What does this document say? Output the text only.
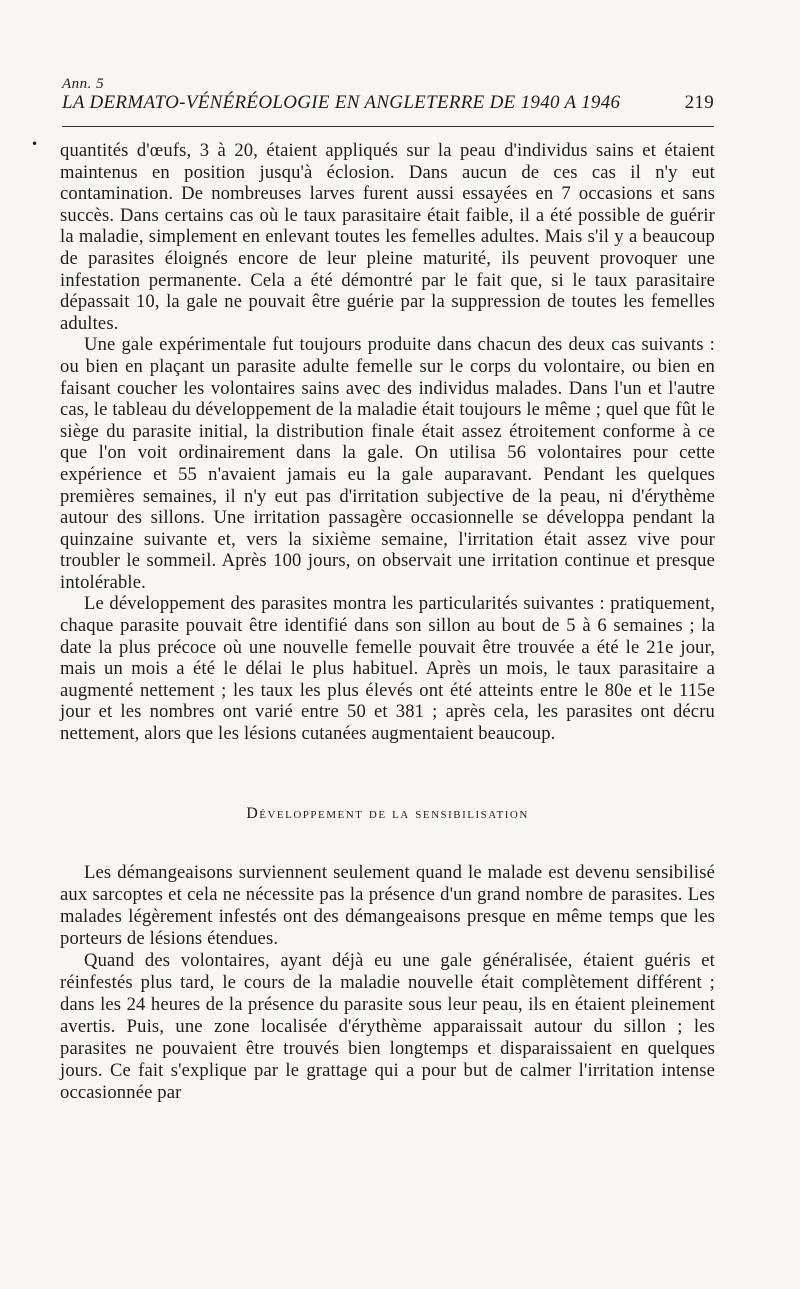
Ann. 5
LA DERMATO-VÉNÉRÉOLOGIE EN ANGLETERRE DE 1940 A 1946	219
• quantités d'œufs, 3 à 20, étaient appliqués sur la peau d'individus sains et étaient maintenus en position jusqu'à éclosion. Dans aucun de ces cas il n'y eut contamination. De nombreuses larves furent aussi essayées en 7 occasions et sans succès. Dans certains cas où le taux parasitaire était faible, il a été possible de guérir la maladie, simplement en enlevant toutes les femelles adultes. Mais s'il y a beaucoup de parasites éloignés encore de leur pleine maturité, ils peuvent provoquer une infestation permanente. Cela a été démontré par le fait que, si le taux parasitaire dépassait 10, la gale ne pouvait être guérie par la suppression de toutes les femelles adultes.

Une gale expérimentale fut toujours produite dans chacun des deux cas suivants : ou bien en plaçant un parasite adulte femelle sur le corps du volontaire, ou bien en faisant coucher les volontaires sains avec des individus malades. Dans l'un et l'autre cas, le tableau du développement de la maladie était toujours le même ; quel que fût le siège du parasite initial, la distribution finale était assez étroitement conforme à ce que l'on voit ordinairement dans la gale. On utilisa 56 volontaires pour cette expérience et 55 n'avaient jamais eu la gale auparavant. Pendant les quelques premières semaines, il n'y eut pas d'irritation subjective de la peau, ni d'érythème autour des sillons. Une irritation passagère occasionnelle se développa pendant la quinzaine suivante et, vers la sixième semaine, l'irritation était assez vive pour troubler le sommeil. Après 100 jours, on observait une irritation continue et presque intolérable.

Le développement des parasites montra les particularités suivantes : pratiquement, chaque parasite pouvait être identifié dans son sillon au bout de 5 à 6 semaines ; la date la plus précoce où une nouvelle femelle pouvait être trouvée a été le 21e jour, mais un mois a été le délai le plus habituel. Après un mois, le taux parasitaire a augmenté nettement ; les taux les plus élevés ont été atteints entre le 80e et le 115e jour et les nombres ont varié entre 50 et 381 ; après cela, les parasites ont décru nettement, alors que les lésions cutanées augmentaient beaucoup.

Développement de la sensibilisation

Les démangeaisons surviennent seulement quand le malade est devenu sensibilisé aux sarcoptes et cela ne nécessite pas la présence d'un grand nombre de parasites. Les malades légèrement infestés ont des démangeaisons presque en même temps que les porteurs de lésions étendues.

Quand des volontaires, ayant déjà eu une gale généralisée, étaient guéris et réinfestés plus tard, le cours de la maladie nouvelle était complètement différent ; dans les 24 heures de la présence du parasite sous leur peau, ils en étaient pleinement avertis. Puis, une zone localisée d'érythème apparaissait autour du sillon ; les parasites ne pouvaient être trouvés bien longtemps et disparaissaient en quelques jours. Ce fait s'explique par le grattage qui a pour but de calmer l'irritation intense occasionnée par
